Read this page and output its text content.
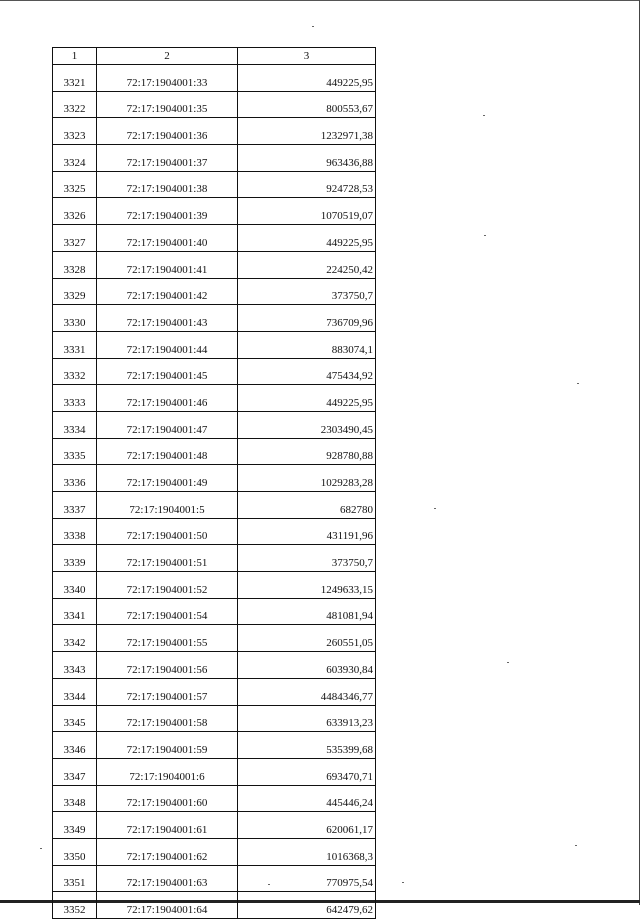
1	2	3
3321	72:17:1904001:33	449225,95
3322	72:17:1904001:35	800553,67
3323	72:17:1904001:36	1232971,38
3324	72:17:1904001:37	963436,88
3325	72:17:1904001:38	924728,53
3326	72:17:1904001:39	1070519,07
3327	72:17:1904001:40	449225,95
3328	72:17:1904001:41	224250,42
3329	72:17:1904001:42	373750,7
3330	72:17:1904001:43	736709,96
3331	72:17:1904001:44	883074,1
3332	72:17:1904001:45	475434,92
3333	72:17:1904001:46	449225,95
3334	72:17:1904001:47	2303490,45
3335	72:17:1904001:48	928780,88
3336	72:17:1904001:49	1029283,28
3337	72:17:1904001:5	682780
3338	72:17:1904001:50	431191,96
3339	72:17:1904001:51	373750,7
3340	72:17:1904001:52	1249633,15
3341	72:17:1904001:54	481081,94
3342	72:17:1904001:55	260551,05
3343	72:17:1904001:56	603930,84
3344	72:17:1904001:57	4484346,77
3345	72:17:1904001:58	633913,23
3346	72:17:1904001:59	535399,68
3347	72:17:1904001:6	693470,71
3348	72:17:1904001:60	445446,24
3349	72:17:1904001:61	620061,17
3350	72:17:1904001:62	1016368,3
3351	72:17:1904001:63	770975,54
3352	72:17:1904001:64	642479,62
